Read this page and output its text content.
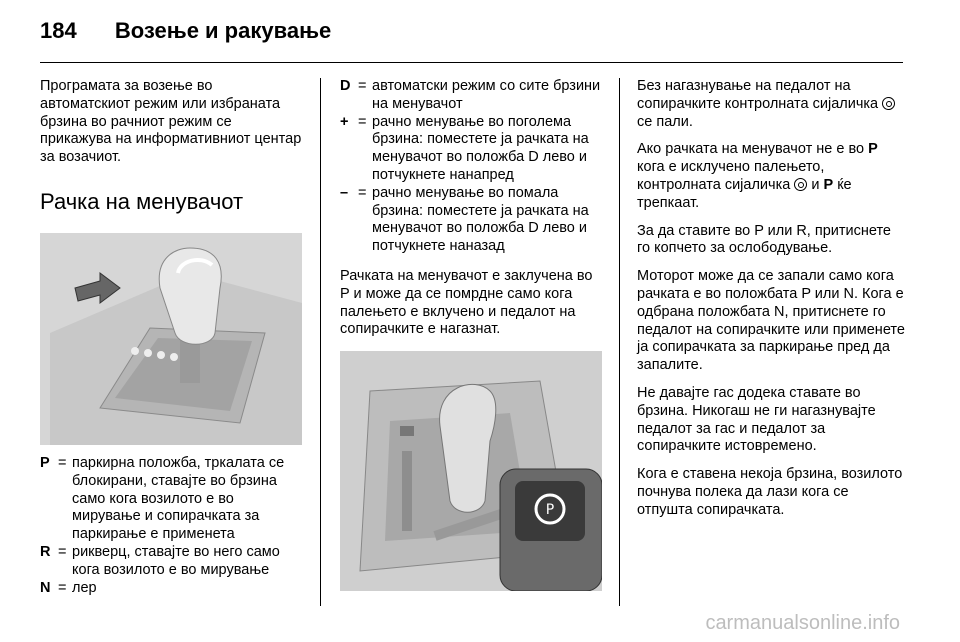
184 Возење и ракување

Програмата за возење во автоматскиот режим или избраната брзина во рачниот режим се прикажува на информативниот центар за возачиот.

Рачка на менувачот
P = паркирна положба, тркалата се блокирани, ставајте во брзина само кога возилото е во мирување и сопирачката за паркирање е применета
R = рикверц, ставајте во него само кога возилото е во мирување
N = лер
D = автоматски режим со сите брзини на менувачот
+ = рачно менување во поголема брзина: поместете ја рачката на менувачот во положба D лево и потчукнете нанапред
– = рачно менување во помала брзина: поместете ја рачката на менувачот во положба D лево и потчукнете наназад

Рачката на менувачот е заклучена во P и може да се помрдне само кога палењето е вклучено и педалот на сопирачките е нагазнат.

P

Без нагазнување на педалот на сопирачките контролната сијаличка  се пали.

Ако рачката на менувачот не е во P кога е исклучено палењето, контролната сијаличка и P ќе трепкаат.

За да ставите во P или R, притиснете го копчето за ослободување.

Моторот може да се запали само кога рачката е во положбата P или N. Кога е одбрана положбата N, притиснете го педалот на сопирачките или применете ја сопирачката за паркирање пред да запалите.

Не давајте гас додека ставате во брзина. Никогаш не ги нагазнувајте педалот за гас и педалот за сопирачките истовремено.

Кога е ставена некоја брзина, возилото почнува полека да лази кога се отпушта сопирачката.

carmanualsonline.info
